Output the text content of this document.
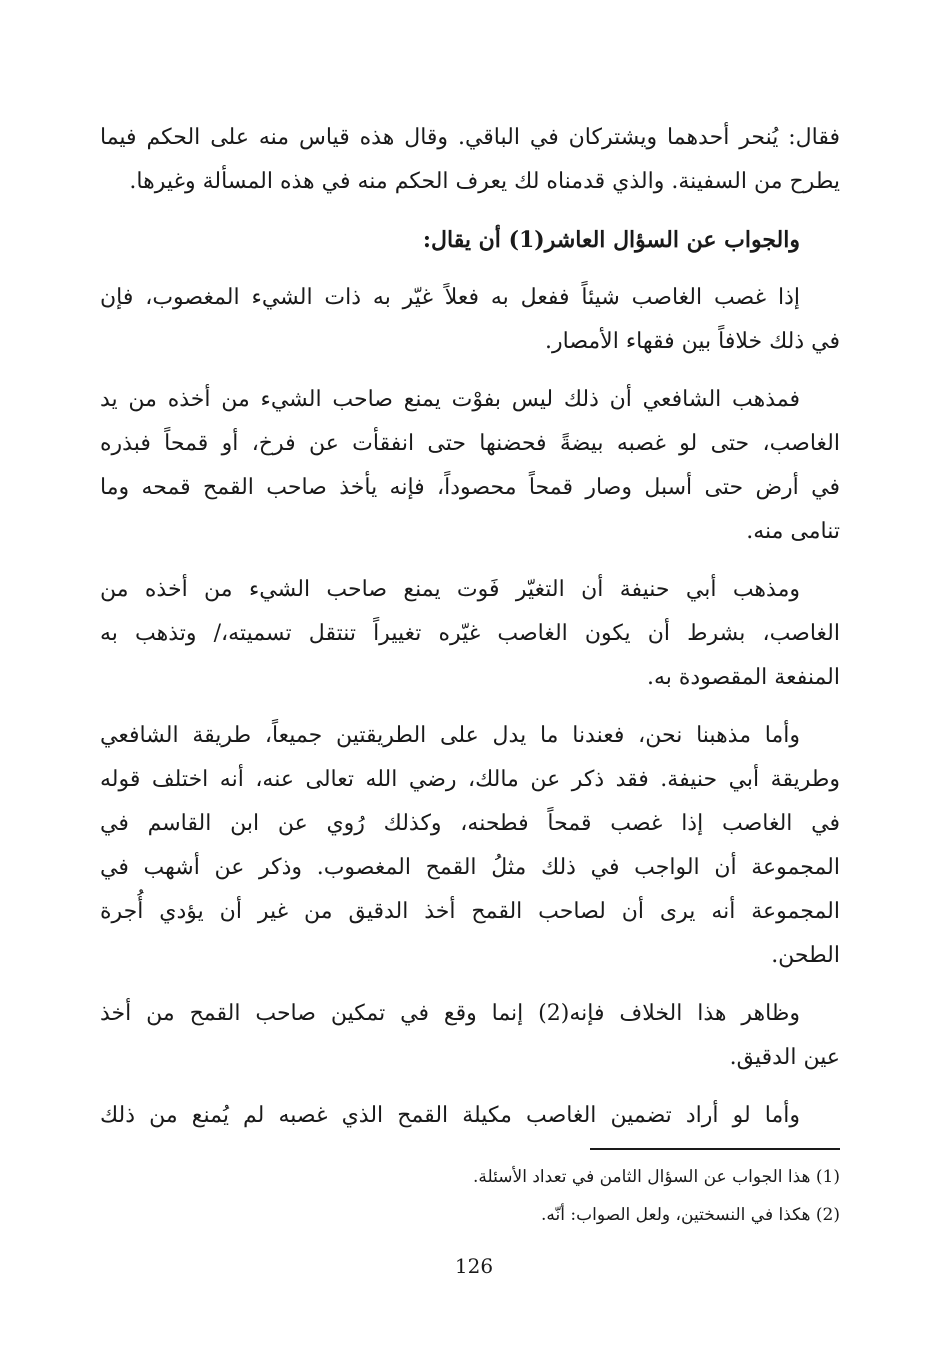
فقال: يُنحر أحدهما ويشتركان في الباقي. وقال هذه قياس منه على الحكم فيما
يطرح من السفينة. والذي قدمناه لك يعرف الحكم منه في هذه المسألة وغيرها.
والجواب عن السؤال العاشر(1) أن يقال:
إذا غصب الغاصب شيئاً ففعل به فعلاً غيّر به ذات الشيء المغصوب، فإن
في ذلك خلافاً بين فقهاء الأمصار.
فمذهب الشافعي أن ذلك ليس بفوْت يمنع صاحب الشيء من أخذه من يد
الغاصب، حتى لو غصبه بيضةً فحضنها حتى انفقأت عن فرخ، أو قمحاً فبذره
في أرض حتى أسبل وصار قمحاً محصوداً، فإنه يأخذ صاحب القمح قمحه وما
تنامى منه.
ومذهب أبي حنيفة أن التغيّر فَوت يمنع صاحب الشيء من أخذه من
الغاصب، بشرط أن يكون الغاصب غيّره تغييراً تنتقل تسميته،/ وتذهب به
المنفعة المقصودة به.
وأما مذهبنا نحن، فعندنا ما يدل على الطريقتين جميعاً، طريقة الشافعي
وطريقة أبي حنيفة. فقد ذكر عن مالك، رضي الله تعالى عنه، أنه اختلف قوله
في الغاصب إذا غصب قمحاً فطحنه، وكذلك رُوي عن ابن القاسم في
المجموعة أن الواجب في ذلك مثلُ القمح المغصوب. وذكر عن أشهب في
المجموعة أنه يرى أن لصاحب القمح أخذ الدقيق من غير أن يؤدي أُجرة
الطحن.
وظاهر هذا الخلاف فإنه(2) إنما وقع في تمكين صاحب القمح من أخذ
عين الدقيق.
وأما لو أراد تضمين الغاصب مكيلة القمح الذي غصبه لم يُمنع من ذلك
(1) هذا الجواب عن السؤال الثامن في تعداد الأسئلة.
(2) هكذا في النسختين، ولعل الصواب: أنّه.
126
